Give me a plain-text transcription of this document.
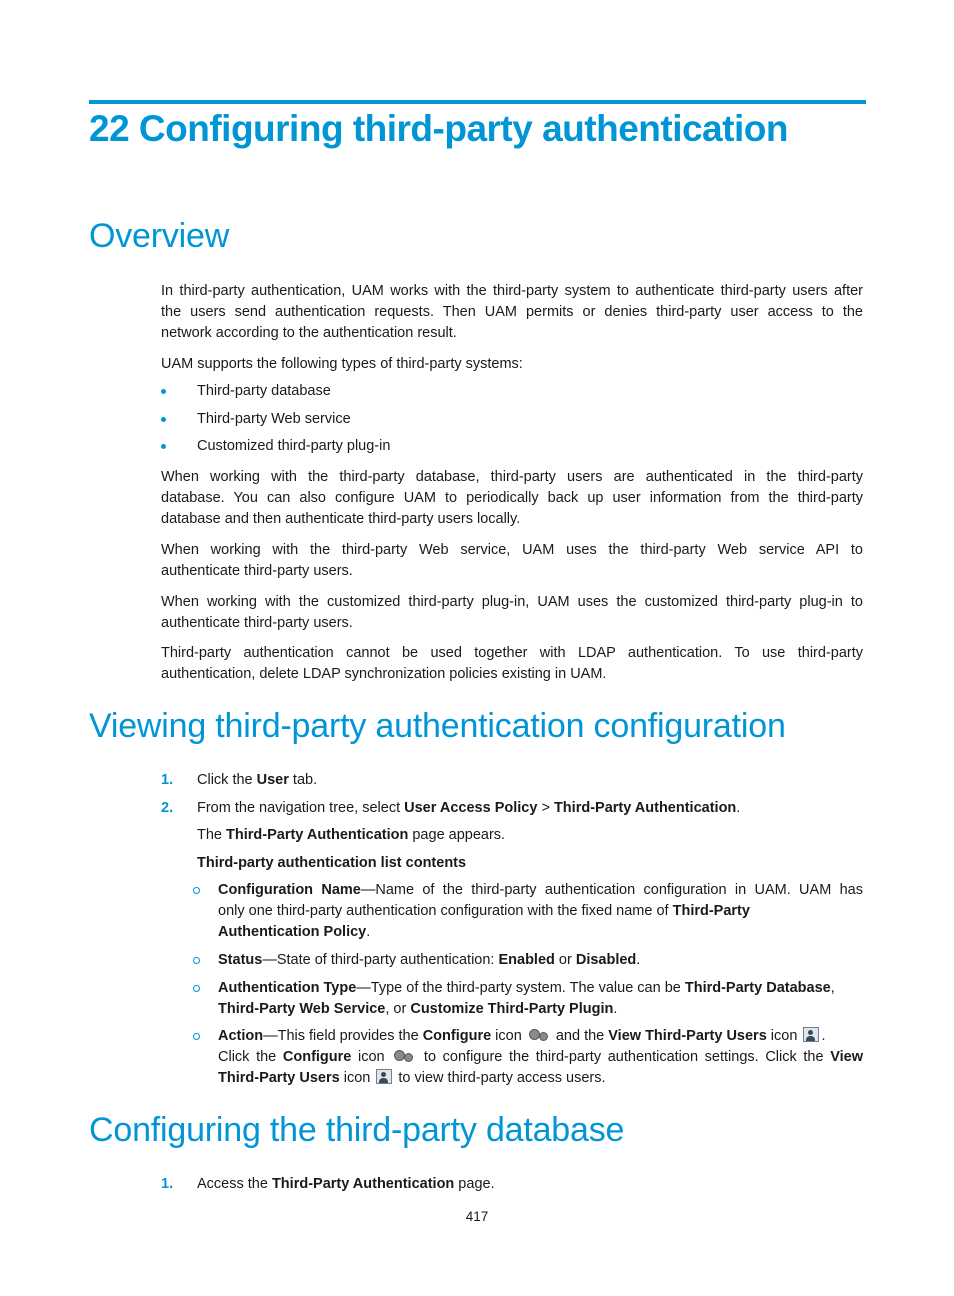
22 Configuring third-party authentication
Overview
In third-party authentication, UAM works with the third-party system to authenticate third-party users after
the users send authentication requests. Then UAM permits or denies third-party user access to the
network according to the authentication result.
UAM supports the following types of third-party systems:
Third-party database
Third-party Web service
Customized third-party plug-in
When working with the third-party database, third-party users are authenticated in the third-party
database. You can also configure UAM to periodically back up user information from the third-party
database and then authenticate third-party users locally.
When working with the third-party Web service, UAM uses the third-party Web service API to
authenticate third-party users.
When working with the customized third-party plug-in, UAM uses the customized third-party plug-in to
authenticate third-party users.
Third-party authentication cannot be used together with LDAP authentication. To use third-party
authentication, delete LDAP synchronization policies existing in UAM.
Viewing third-party authentication configuration
1. Click the User tab.
2. From the navigation tree, select User Access Policy > Third-Party Authentication.
The Third-Party Authentication page appears.
Third-party authentication list contents
Configuration Name—Name of the third-party authentication configuration in UAM. UAM has
only one third-party authentication configuration with the fixed name of Third-Party
Authentication Policy.
Status—State of third-party authentication: Enabled or Disabled.
Authentication Type—Type of the third-party system. The value can be Third-Party Database,
Third-Party Web Service, or Customize Third-Party Plugin.
Action—This field provides the Configure icon
and the View Third-Party Users icon
.
Click the Configure icon
to configure the third-party authentication settings. Click the View
Third-Party Users icon
to view third-party access users.
Configuring the third-party database
1. Access the Third-Party Authentication page.
417
